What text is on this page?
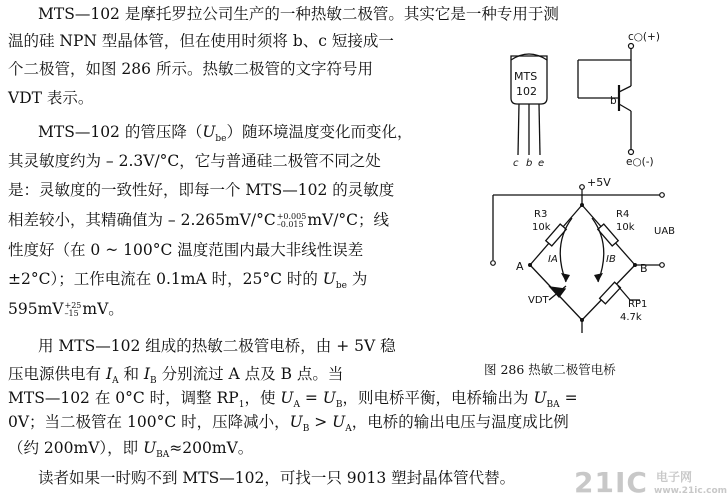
MTS—102 是摩托罗拉公司生产的一种热敏二极管。其实它是一种专用于测

温的硅 NPN 型晶体管，但在使用时须将 b、c 短接成一

个二极管，如图 286 所示。热敏二极管的文字符号用

VDT 表示。

MTS—102 的管压降$(U_{be})$随环境温度变化而变化，

其灵敏度约为 – 2.3V/°C，它与普通硅二极管不同之处

是：灵敏度的一致性好，即每一个 MTS—102 的灵敏度

相差较小，其精确值为 – 2.265mV/°C +0.005
–0.015 mV/°C；线

性度好（在 0 ~ 100°C 温度范围内最大非线性误差

±2°C）；工作电流在 0.1mA 时，25°C 时的 $U_{be}$ 为

595mV +25
–15 mV。

用 MTS—102 组成的热敏二极管电桥，由 + 5V 稳

压电源供电有 $I_A$ 和 $I_B$ 分别流过 A 点及 B 点。当

MTS—102 在 0°C 时，调整 $RP_1$，使 $U_A = U_B$，则电桥平衡，电桥输出为 $U_{BA}$ =

0V；当二极管在 100°C 时，压降减小，$U_B > U_A$，电桥的输出电压与温度成比例

（约 200mV），即 $U_{BA}\approx 200mV$。

读者如果一时购不到 MTS—102，可找一只 9013 塑封晶体管代替。

MTS
102
c b e
c○(+)
b
e○(-)
+5V
R3
10k
R4
10k UAB
IA	IB
A	B
VDT	RP1
4.7k
图 286 热敏二极管电桥
21IC 电子网
www.21ic.com
